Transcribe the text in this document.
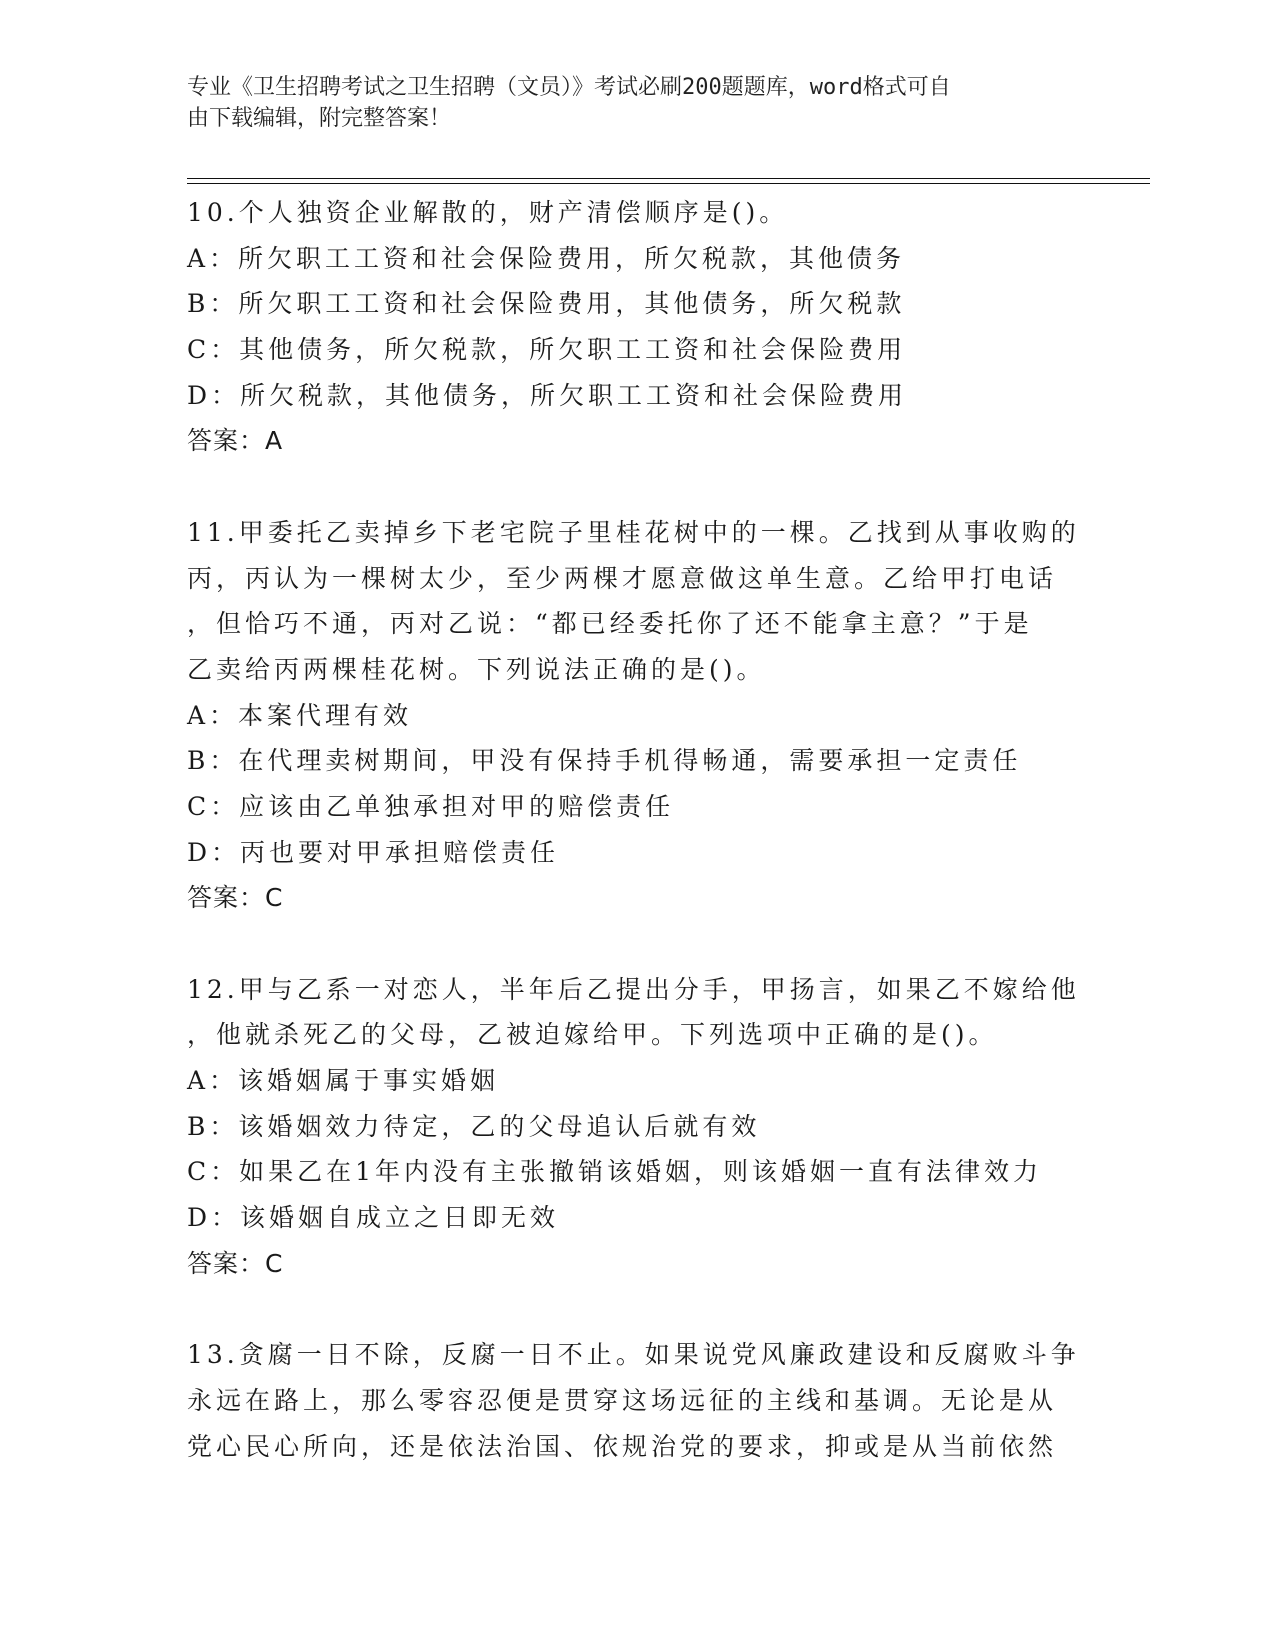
专业《卫生招聘考试之卫生招聘（文员）》考试必刷200题题库，word格式可自
由下载编辑，附完整答案！
10.个人独资企业解散的，财产清偿顺序是()。
A：所欠职工工资和社会保险费用，所欠税款，其他债务
B：所欠职工工资和社会保险费用，其他债务，所欠税款
C：其他债务，所欠税款，所欠职工工资和社会保险费用
D：所欠税款，其他债务，所欠职工工资和社会保险费用
答案：A
11.甲委托乙卖掉乡下老宅院子里桂花树中的一棵。乙找到从事收购的
丙，丙认为一棵树太少，至少两棵才愿意做这单生意。乙给甲打电话
，但恰巧不通，丙对乙说：“都已经委托你了还不能拿主意？”于是
乙卖给丙两棵桂花树。下列说法正确的是()。
A：本案代理有效
B：在代理卖树期间，甲没有保持手机得畅通，需要承担一定责任
C：应该由乙单独承担对甲的赔偿责任
D：丙也要对甲承担赔偿责任
答案：C
12.甲与乙系一对恋人，半年后乙提出分手，甲扬言，如果乙不嫁给他
，他就杀死乙的父母，乙被迫嫁给甲。下列选项中正确的是()。
A：该婚姻属于事实婚姻
B：该婚姻效力待定，乙的父母追认后就有效
C：如果乙在1年内没有主张撤销该婚姻，则该婚姻一直有法律效力
D：该婚姻自成立之日即无效
答案：C
13.贪腐一日不除，反腐一日不止。如果说党风廉政建设和反腐败斗争
永远在路上，那么零容忍便是贯穿这场远征的主线和基调。无论是从
党心民心所向，还是依法治国、依规治党的要求，抑或是从当前依然
